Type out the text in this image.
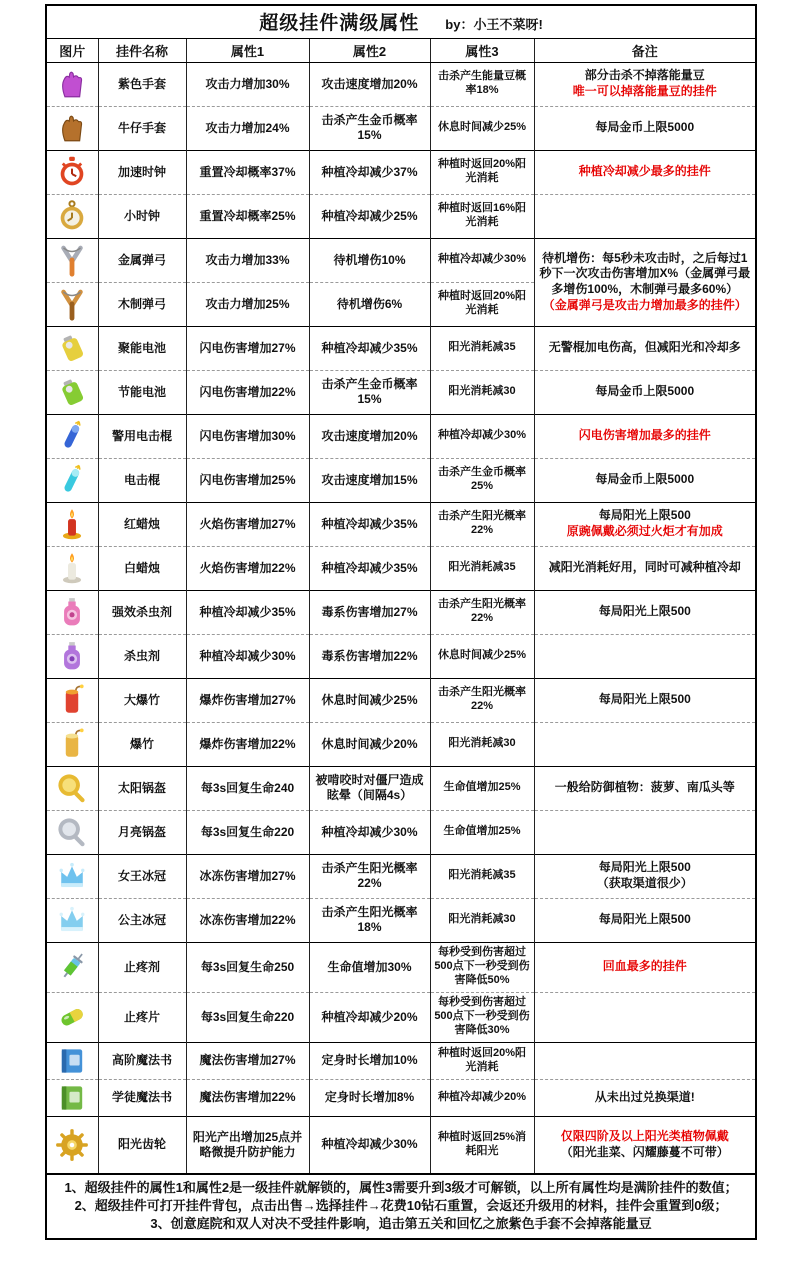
超级挂件满级属性 by：小王不菜呀!					

图片	挂件名称	属性1	属性2	属性3	备注

	紫色手套	攻击力增加30%	攻击速度增加20%	击杀产生能量豆概率18%	部分击杀不掉落能量豆
唯一可以掉落能量豆的挂件

	牛仔手套	攻击力增加24%	击杀产生金币概率15%	休息时间减少25%	每局金币上限5000

	加速时钟	重置冷却概率37%	种植冷却减少37%	种植时返回20%阳光消耗	种植冷却减少最多的挂件

	小时钟	重置冷却概率25%	种植冷却减少25%	种植时返回16%阳光消耗	

	金属弹弓	攻击力增加33%	待机增伤10%	种植冷却减少30%	待机增伤：每5秒未攻击时，之后每过1秒下一次攻击伤害增加X%（金属弹弓最多增伤100%，木制弹弓最多60%）
（金属弹弓是攻击力增加最多的挂件）

	木制弹弓	攻击力增加25%	待机增伤6%	种植时返回20%阳光消耗	

	聚能电池	闪电伤害增加27%	种植冷却减少35%	阳光消耗减35	无警棍加电伤高，但减阳光和冷却多

	节能电池	闪电伤害增加22%	击杀产生金币概率15%	阳光消耗减30	每局金币上限5000

	警用电击棍	闪电伤害增加30%	攻击速度增加20%	种植冷却减少30%	闪电伤害增加最多的挂件

	电击棍	闪电伤害增加25%	攻击速度增加15%	击杀产生金币概率25%	每局金币上限5000

	红蜡烛	火焰伤害增加27%	种植冷却减少35%	击杀产生阳光概率22%	每局阳光上限500
原豌佩戴必须过火炬才有加成

	白蜡烛	火焰伤害增加22%	种植冷却减少35%	阳光消耗减35	减阳光消耗好用，同时可减种植冷却

	强效杀虫剂	种植冷却减少35%	毒系伤害增加27%	击杀产生阳光概率22%	每局阳光上限500

	杀虫剂	种植冷却减少30%	毒系伤害增加22%	休息时间减少25%	

	大爆竹	爆炸伤害增加27%	休息时间减少25%	击杀产生阳光概率22%	每局阳光上限500

	爆竹	爆炸伤害增加22%	休息时间减少20%	阳光消耗减30	

	太阳锅盔	每3s回复生命240	被啃咬时对僵尸造成眩晕（间隔4s）	生命值增加25%	一般给防御植物：菠萝、南瓜头等

	月亮锅盔	每3s回复生命220	种植冷却减少30%	生命值增加25%	

	女王冰冠	冰冻伤害增加27%	击杀产生阳光概率22%	阳光消耗减35	每局阳光上限500
（获取渠道很少）

	公主冰冠	冰冻伤害增加22%	击杀产生阳光概率18%	阳光消耗减30	每局阳光上限500

	止疼剂	每3s回复生命250	生命值增加30%	每秒受到伤害超过500点下一秒受到伤害降低50%	回血最多的挂件

	止疼片	每3s回复生命220	种植冷却减少20%	每秒受到伤害超过500点下一秒受到伤害降低30%	

	高阶魔法书	魔法伤害增加27%	定身时长增加10%	种植时返回20%阳光消耗	

	学徒魔法书	魔法伤害增加22%	定身时长增加8%	种植冷却减少20%	从未出过兑换渠道!

	阳光齿轮	阳光产出增加25点并略微提升防护能力	种植冷却减少30%	种植时返回25%消耗阳光	仅限四阶及以上阳光类植物佩戴
（阳光韭菜、闪耀藤蔓不可带）

1、超级挂件的属性1和属性2是一级挂件就解锁的，属性3需要升到3级才可解锁，以上所有属性均是满阶挂件的数值；
2、超级挂件可打开挂件背包，点击出售→选择挂件→花费10钻石重置，会返还升级用的材料，挂件会重置到0级；
3、创意庭院和双人对决不受挂件影响，追击第五关和回忆之旅紫色手套不会掉落能量豆					
